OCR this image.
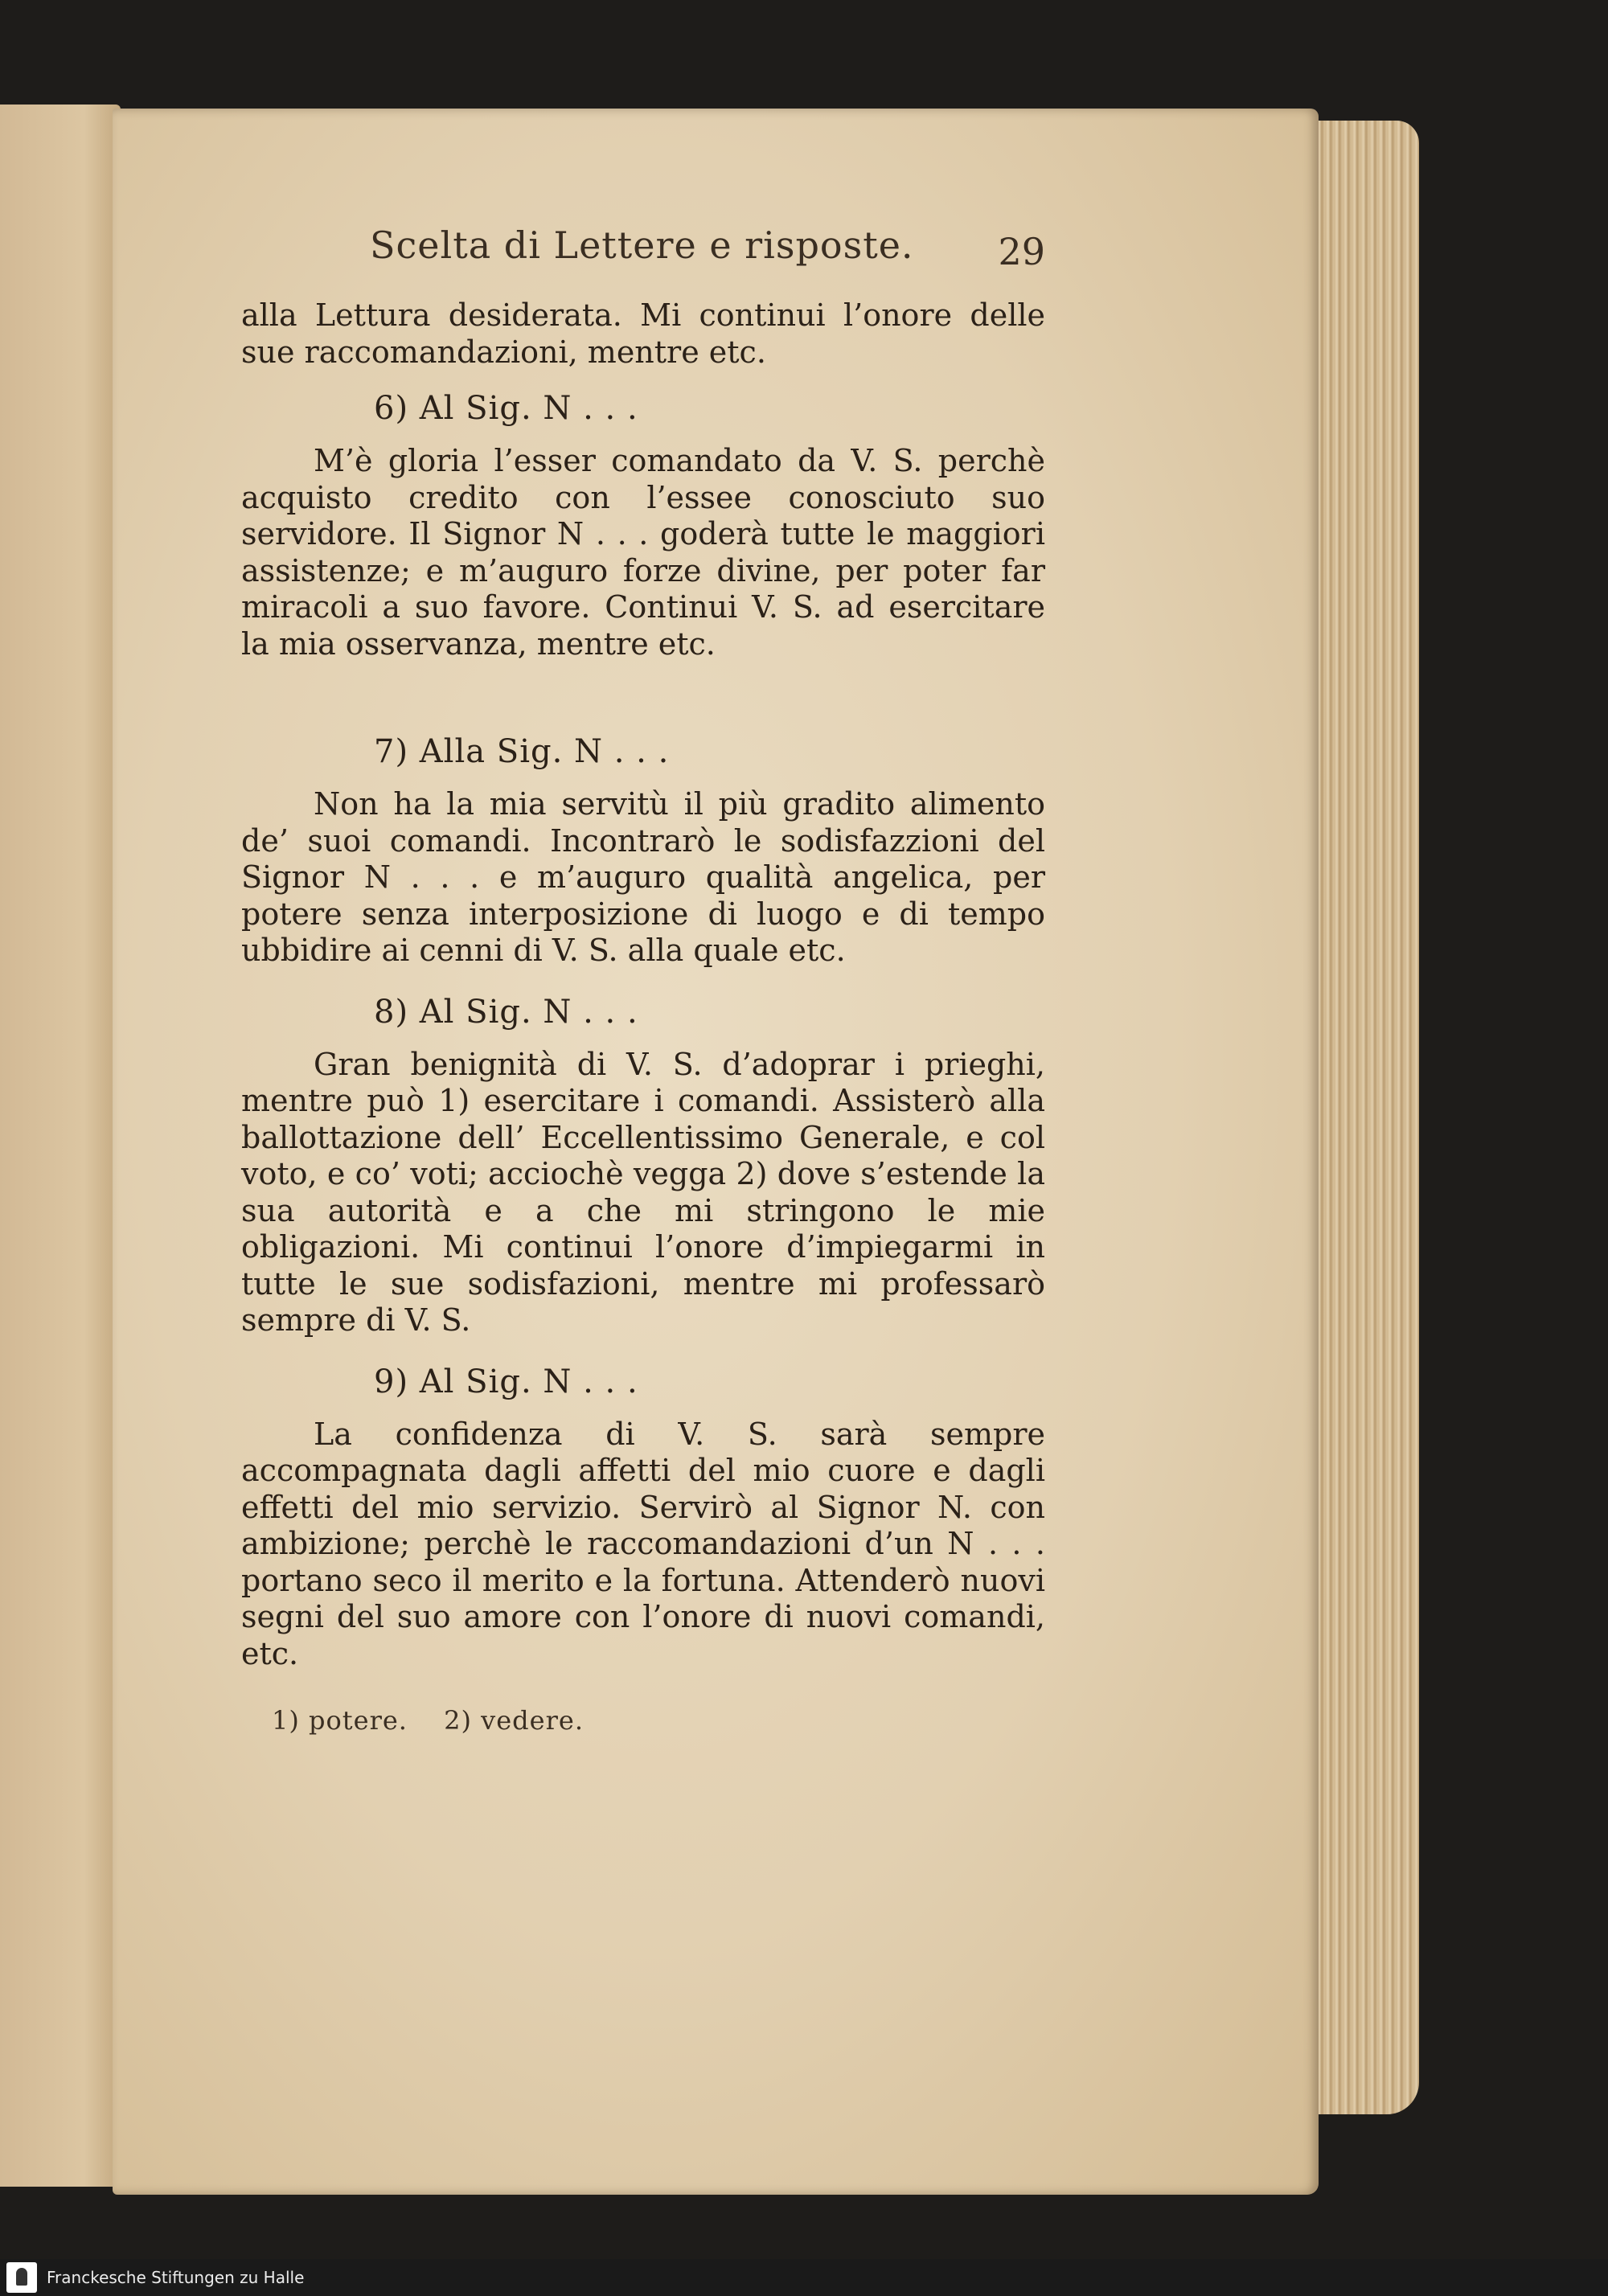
Scelta di Lettere e risposte. 29

alla Lettura desiderata. Mi continui l’onore delle sue raccomandazioni, mentre etc.

6) Al Sig. N . . .

M’è gloria l’esser comandato da V. S. perchè acquisto credito con l’essee conosciuto suo servidore. Il Signor N . . . goderà tutte le maggiori assistenze; e m’auguro forze divine, per poter far miracoli a suo favore. Continui V. S. ad esercitare la mia osservanza, mentre etc.

7) Alla Sig. N . . .

Non ha la mia servitù il più gradito alimento de’ suoi comandi. Incontrarò le sodisfazzioni del Signor N . . . e m’auguro qualità angelica, per potere senza interposizione di luogo e di tempo ubbidire ai cenni di V. S. alla quale etc.

8) Al Sig. N . . .

Gran benignità di V. S. d’adoprar i prieghi, mentre può 1) esercitare i comandi. Assisterò alla ballottazione dell’ Eccellentissimo Generale, e col voto, e co’ voti; acciochè vegga 2) dove s’estende la sua autorità e a che mi stringono le mie obligazioni. Mi continui l’onore d’impiegarmi in tutte le sue sodisfazioni, mentre mi professarò sempre di V. S.

9) Al Sig. N . . .

La confidenza di V. S. sarà sempre accompagnata dagli affetti del mio cuore e dagli effetti del mio servizio. Servirò al Signor N. con ambizione; perchè le raccomandazioni d’un N . . . portano seco il merito e la fortuna. Attenderò nuovi segni del suo amore con l’onore di nuovi comandi, etc.

1) potere. 2) vedere.
Franckesche Stiftungen zu Halle
